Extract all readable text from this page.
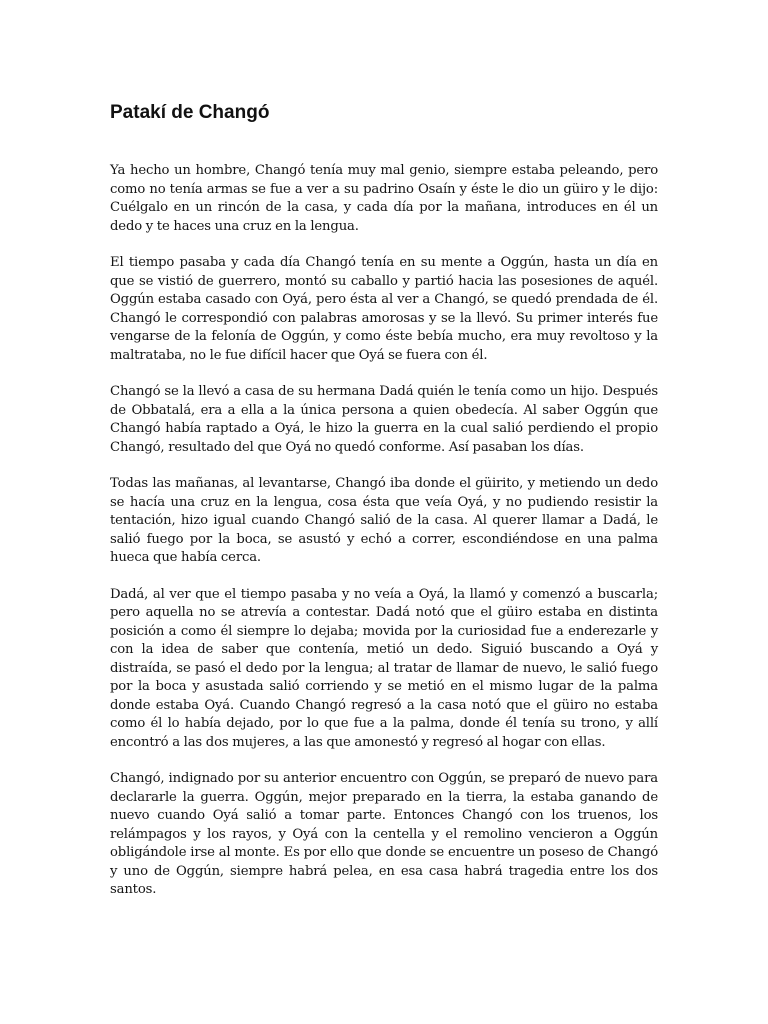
Patakí de Changó

Ya hecho un hombre, Changó tenía muy mal genio, siempre estaba peleando, pero como no tenía armas se fue a ver a su padrino Osaín y éste le dio un güiro y le dijo: Cuélgalo en un rincón de la casa, y cada día por la mañana, introduces en él un dedo y te haces una cruz en la lengua.

El tiempo pasaba y cada día Changó tenía en su mente a Oggún, hasta un día en que se vistió de guerrero, montó su caballo y partió hacia las posesiones de aquél. Oggún estaba casado con Oyá, pero ésta al ver a Changó, se quedó prendada de él. Changó le correspondió con palabras amorosas y se la llevó. Su primer interés fue vengarse de la felonía de Oggún, y como éste bebía mucho, era muy revoltoso y la maltrataba, no le fue difícil hacer que Oyá se fuera con él.

Changó se la llevó a casa de su hermana Dadá quién le tenía como un hijo. Después de Obbatalá, era a ella a la única persona a quien obedecía. Al saber Oggún que Changó había raptado a Oyá, le hizo la guerra en la cual salió perdiendo el propio Changó, resultado del que Oyá no quedó conforme. Así pasaban los días.

Todas las mañanas, al levantarse, Changó iba donde el güirito, y metiendo un dedo se hacía una cruz en la lengua, cosa ésta que veía Oyá, y no pudiendo resistir la tentación, hizo igual cuando Changó salió de la casa. Al querer llamar a Dadá, le salió fuego por la boca, se asustó y echó a correr, escondiéndose en una palma hueca que había cerca.

Dadá, al ver que el tiempo pasaba y no veía a Oyá, la llamó y comenzó a buscarla; pero aquella no se atrevía a contestar. Dadá notó que el güiro estaba en distinta posición a como él siempre lo dejaba; movida por la curiosidad fue a enderezarle y con la idea de saber que contenía, metió un dedo. Siguió buscando a Oyá y distraída, se pasó el dedo por la lengua; al tratar de llamar de nuevo, le salió fuego por la boca y asustada salió corriendo y se metió en el mismo lugar de la palma donde estaba Oyá. Cuando Changó regresó a la casa notó que el güiro no estaba como él lo había dejado, por lo que fue a la palma, donde él tenía su trono, y allí encontró a las dos mujeres, a las que amonestó y regresó al hogar con ellas.

Changó, indignado por su anterior encuentro con Oggún, se preparó de nuevo para declararle la guerra. Oggún, mejor preparado en la tierra, la estaba ganando de nuevo cuando Oyá salió a tomar parte. Entonces Changó con los truenos, los relámpagos y los rayos, y Oyá con la centella y el remolino vencieron a Oggún obligándole irse al monte. Es por ello que donde se encuentre un poseso de Changó y uno de Oggún, siempre habrá pelea, en esa casa habrá tragedia entre los dos santos.
